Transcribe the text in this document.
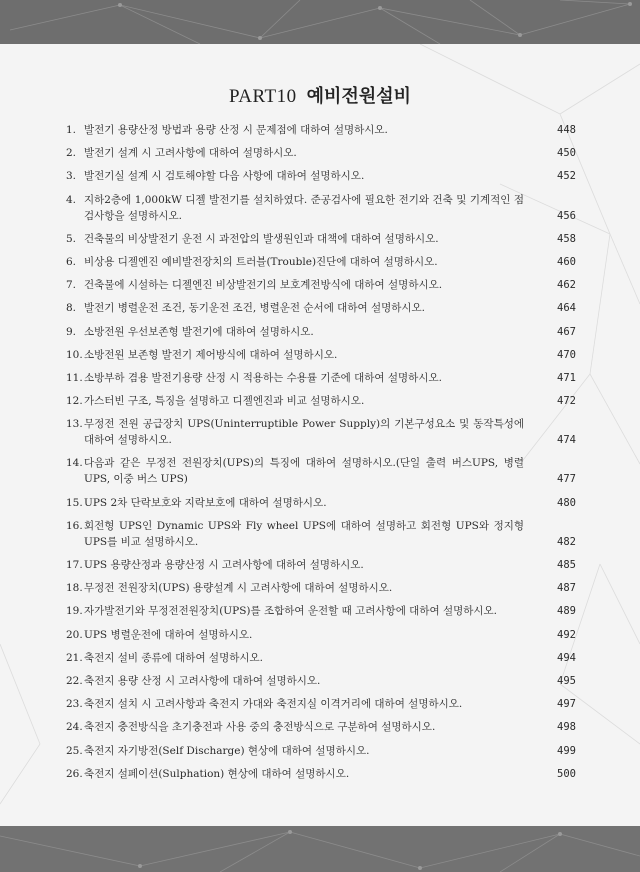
PART10 예비전원설비
1. 발전기 용량산정 방법과 용량 산정 시 문제점에 대하여 설명하시오.	448
2. 발전기 설계 시 고려사항에 대하여 설명하시오.	450
3. 발전기실 설계 시 검토해야할 다음 사항에 대하여 설명하시오.	452
4. 지하2층에 1,000kW 디젤 발전기를 설치하였다. 준공검사에 필요한 전기와 건축 및 기계적인 점검사항을 설명하시오.	456
5. 건축물의 비상발전기 운전 시 과전압의 발생원인과 대책에 대하여 설명하시오.	458
6. 비상용 디젤엔진 예비발전장치의 트러블(Trouble)진단에 대하여 설명하시오.	460
7. 건축물에 시설하는 디젤엔진 비상발전기의 보호계전방식에 대하여 설명하시오.	462
8. 발전기 병렬운전 조건, 동기운전 조건, 병렬운전 순서에 대하여 설명하시오.	464
9. 소방전원 우선보존형 발전기에 대하여 설명하시오.	467
10. 소방전원 보존형 발전기 제어방식에 대하여 설명하시오.	470
11. 소방부하 겸용 발전기용량 산정 시 적용하는 수용률 기준에 대하여 설명하시오.	471
12. 가스터빈 구조, 특징을 설명하고 디젤엔진과 비교 설명하시오.	472
13. 무정전 전원 공급장치 UPS(Uninterruptible Power Supply)의 기본구성요소 및 동작특성에 대하여 설명하시오.	474
14. 다음과 같은 무정전 전원장치(UPS)의 특징에 대하여 설명하시오.(단일 출력 버스UPS, 병렬 UPS, 이중 버스 UPS)	477
15. UPS 2차 단락보호와 지락보호에 대하여 설명하시오.	480
16. 회전형 UPS인 Dynamic UPS와 Fly wheel UPS에 대하여 설명하고 회전형 UPS와 정지형 UPS를 비교 설명하시오.	482
17. UPS 용량산정과 용량산정 시 고려사항에 대하여 설명하시오.	485
18. 무정전 전원장치(UPS) 용량설계 시 고려사항에 대하여 설명하시오.	487
19. 자가발전기와 무정전전원장치(UPS)를 조합하여 운전할 때 고려사항에 대하여 설명하시오.	489
20. UPS 병렬운전에 대하여 설명하시오.	492
21. 축전지 설비 종류에 대하여 설명하시오.	494
22. 축전지 용량 산정 시 고려사항에 대하여 설명하시오.	495
23. 축전지 설치 시 고려사항과 축전지 가대와 축전지실 이격거리에 대하여 설명하시오.	497
24. 축전지 충전방식을 초기충전과 사용 중의 충전방식으로 구분하여 설명하시오.	498
25. 축전지 자기방전(Self Discharge) 현상에 대하여 설명하시오.	499
26. 축전지 설페이션(Sulphation) 현상에 대하여 설명하시오.	500
